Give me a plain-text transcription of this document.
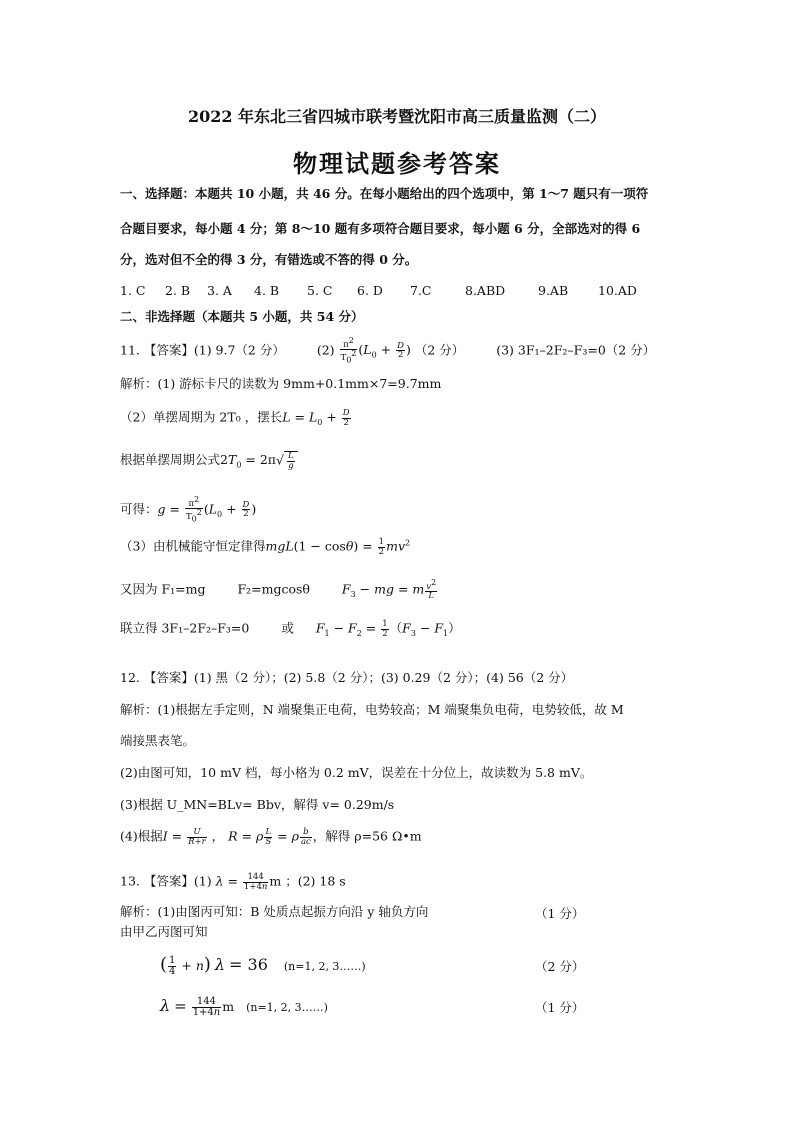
2022 年东北三省四城市联考暨沈阳市高三质量监测（二）
物理试题参考答案
一、选择题：本题共 10 小题，共 46 分。在每小题给出的四个选项中，第 1～7 题只有一项符
合题目要求，每小题 4 分；第 8～10 题有多项符合题目要求，每小题 6 分，全部选对的得 6
分，选对但不全的得 3 分，有错选或不答的得 0 分。
1. C 2. B 3. A 4. B 5. C 6. D 7.C	8.ABD	9.AB 10.AD
二、非选择题（本题共 5 小题，共 54 分）
11. 【答案】(1) 9.7（2 分）	$(2) \frac{\pi^2}{T_0^2} (L_0 + \frac{D}{2}$ ) （2 分）	(3) 3F₁–2F₂–F₃=0（2 分）
解析：(1) 游标卡尺的读数为 9mm+0.1mm×7=9.7mm
（2）单摆周期为 2T₀ ，摆长$L = L_0 + \frac{D}{2}$
根据单摆周期公式$2T_0 = 2\pi√ \frac{L}{g}$
可得：$g = \frac{\pi^2}{T_0^2} (L_0 + \frac{D}{2}$ )
（3）由机械能守恒定律得$mgL(1 - \cos\theta) = \frac{1}{2} mv^2$
又因为 F₁=mg	F₂=mgcosθ	$F_3$ − mg = m $\frac{v^2}{L}$
联立得 3F₁–2F₂–F₃=0	或 $F_1 - F_2 = \frac{1}{2} (F_3 - F_1)$
12. 【答案】(1) 黑（2 分）；(2) 5.8（2 分）；(3) 0.29（2 分）；(4) 56（2 分）
解析：(1)根据左手定则，N 端聚集正电荷，电势较高；M 端聚集负电荷，电势较低，故 M
端接黑表笔。
(2)由图可知，10 mV 档，每小格为 0.2 mV，误差在十分位上，故读数为 5.8 mV。
(3)根据 U_MN=BLv= Bbv，解得 v= 0.29m/s
(4)根据$I = \frac{U}{R+r}$ ， R = ρ $\frac{L}{S} = \rho \frac{b}{ac}$ ，解得 ρ=56 Ω•m
13. 【答案】(1) $\lambda = \frac{144}{1+4n}$ m ；(2) 18 s
解析：(1)由图丙可知：B 处质点起振方向沿 y 轴负方向	（1 分）
由甲乙丙图可知
( $\frac{1}{4} + n$) λ = 36 (n=1, 2, 3……)	（2 分）
$\lambda = \frac{144}{1+4n}$ m  (n=1, 2, 3……)	（1 分）
